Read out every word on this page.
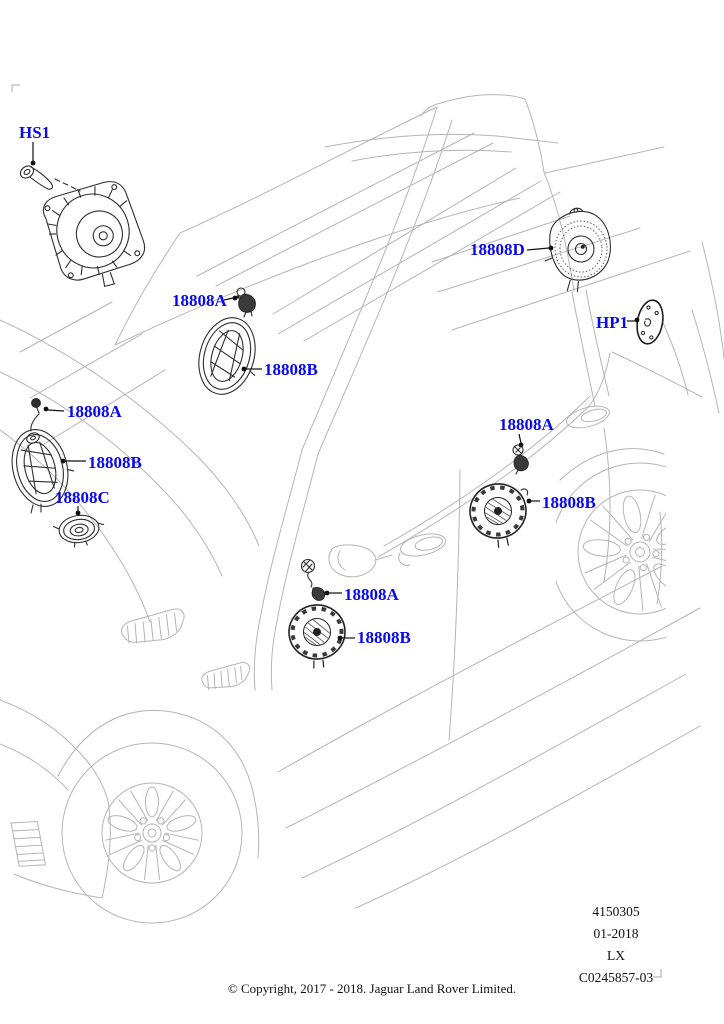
HS1
18808A
18808B
18808D
HP1
18808A
18808B
18808C
18808A
18808B
18808A
18808B
4150305
01-2018
LX
C0245857-03
© Copyright, 2017 - 2018. Jaguar Land Rover Limited.
